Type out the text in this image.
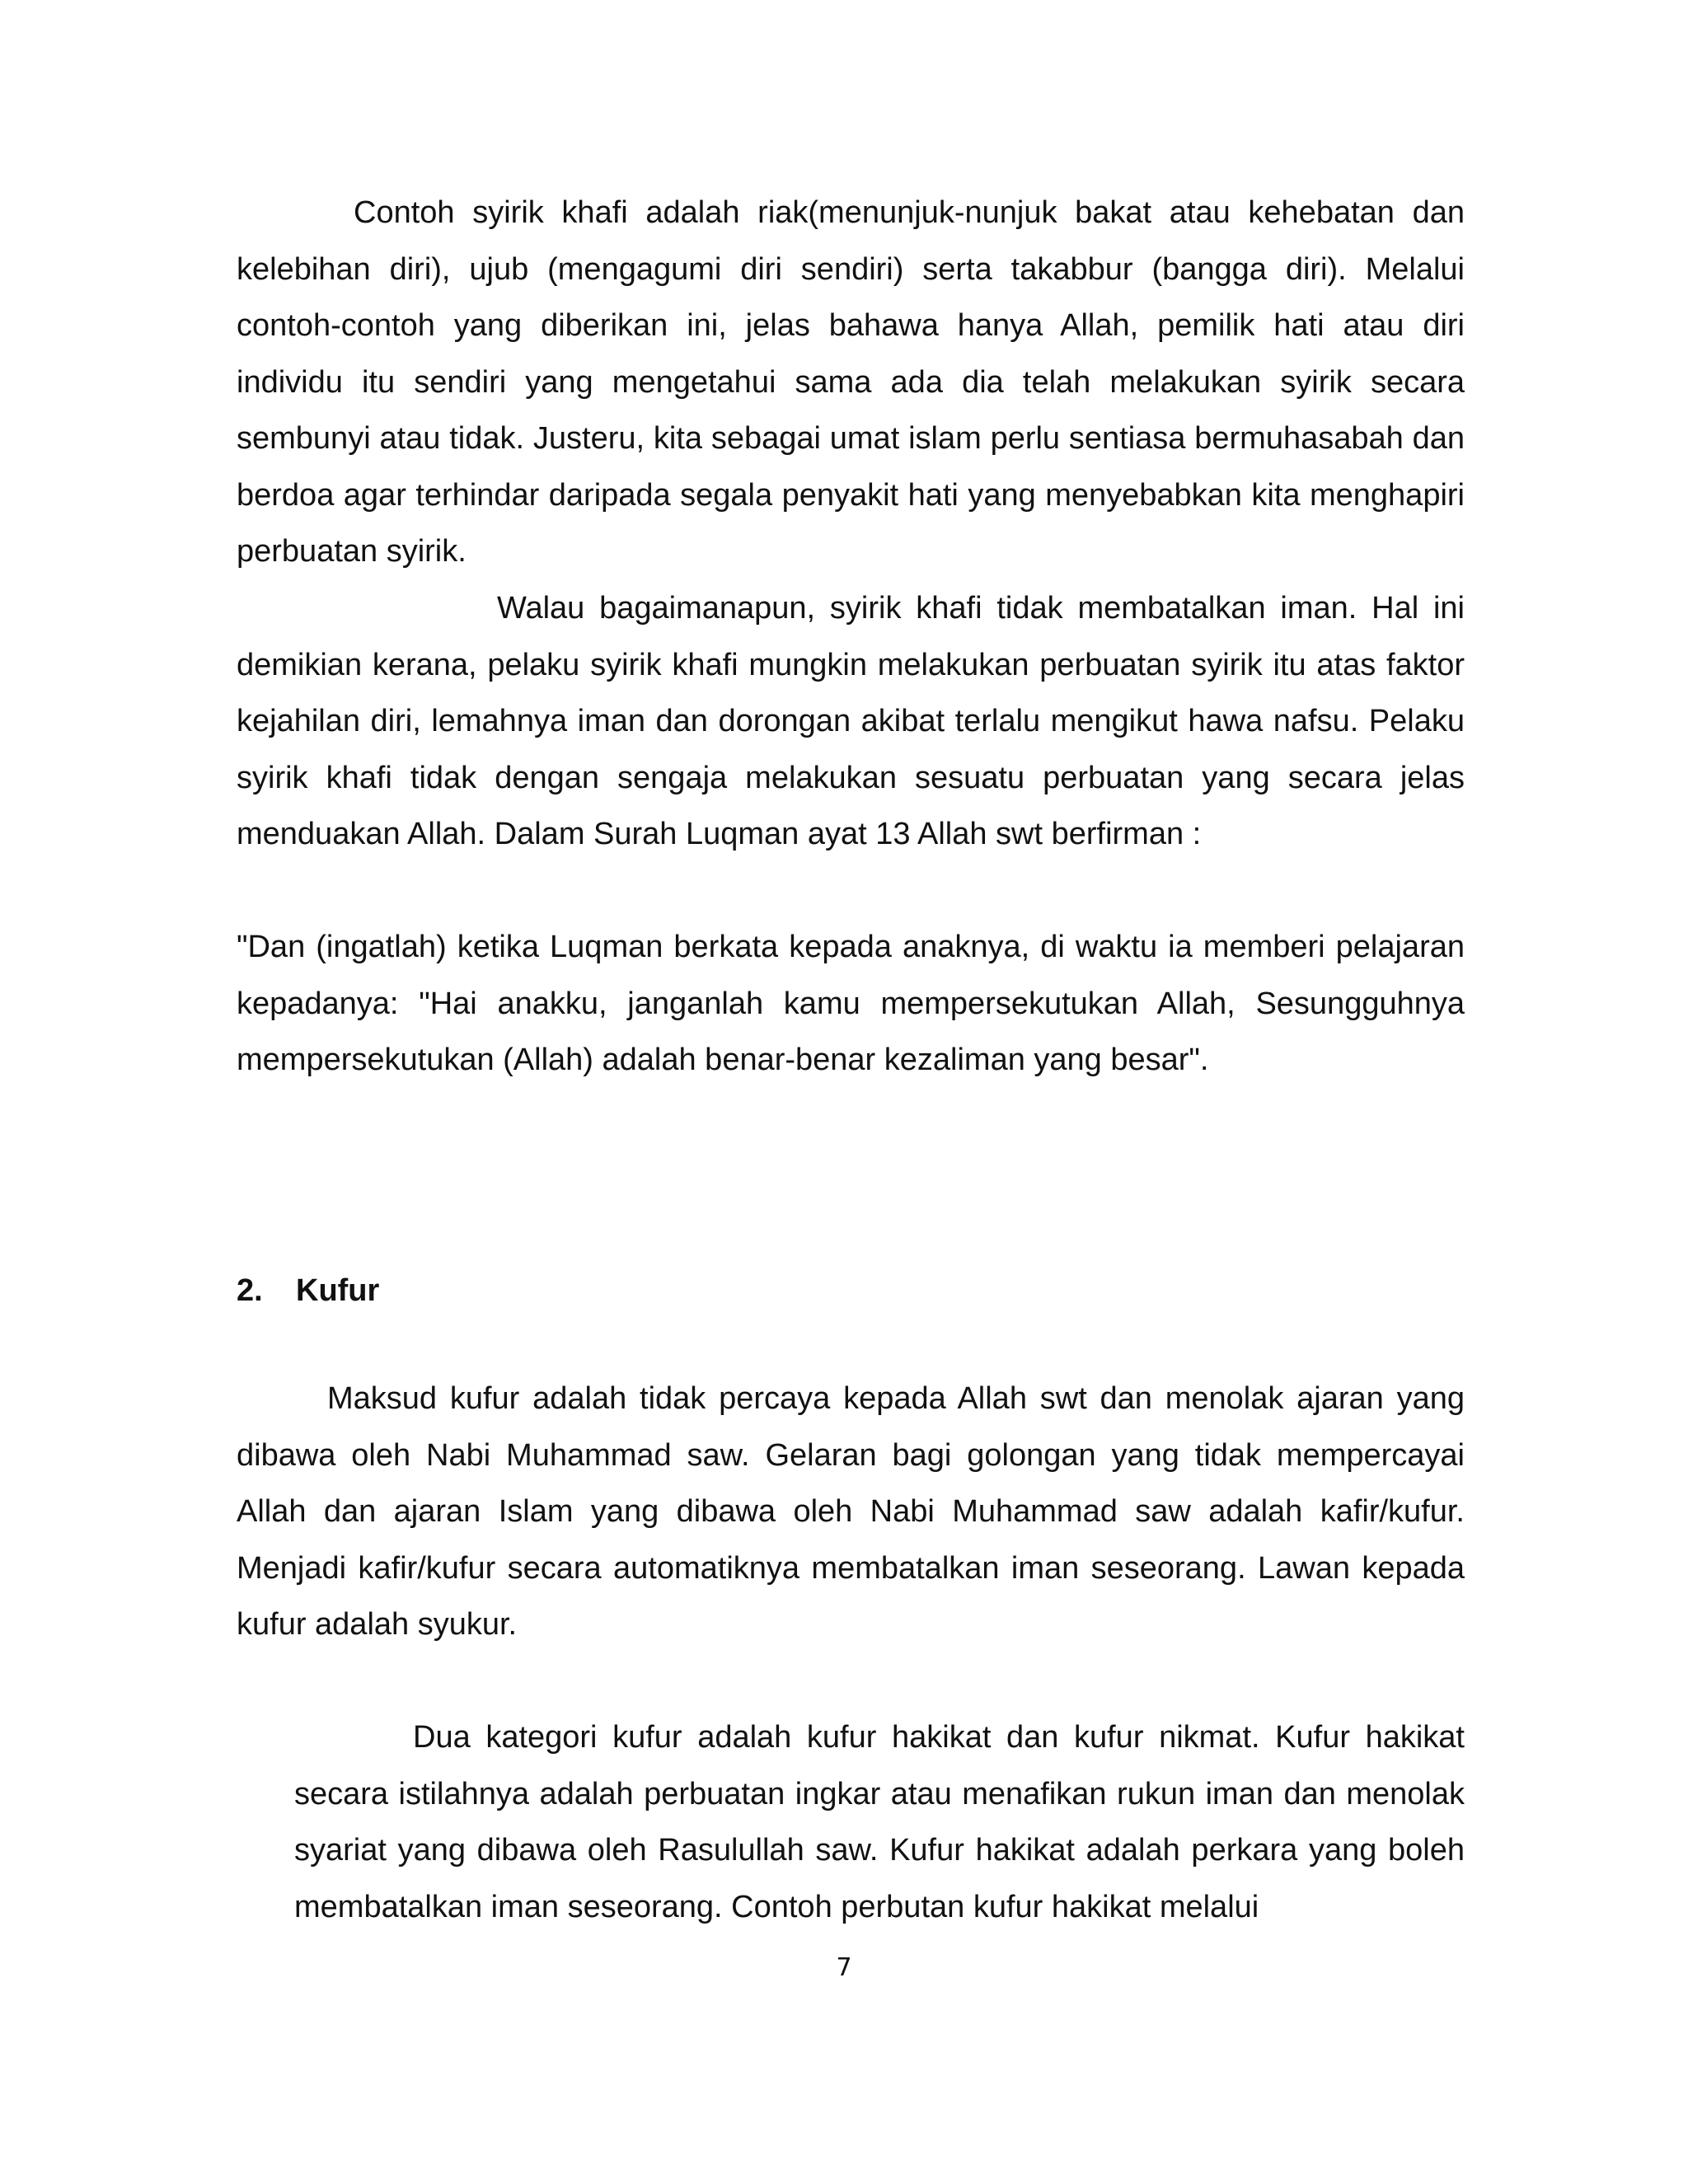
Contoh syirik khafi adalah riak(menunjuk-nunjuk bakat atau kehebatan dan kelebihan diri), ujub (mengagumi diri sendiri) serta takabbur (bangga diri). Melalui contoh-contoh yang diberikan ini, jelas bahawa hanya Allah, pemilik hati atau diri individu itu sendiri yang mengetahui sama ada dia telah melakukan syirik secara sembunyi atau tidak. Justeru, kita sebagai umat islam perlu sentiasa bermuhasabah dan berdoa agar terhindar daripada segala penyakit hati yang menyebabkan kita menghapiri perbuatan syirik.

Walau bagaimanapun, syirik khafi tidak membatalkan iman. Hal ini demikian kerana, pelaku syirik khafi mungkin melakukan perbuatan syirik itu atas faktor kejahilan diri, lemahnya iman dan dorongan akibat terlalu mengikut hawa nafsu. Pelaku syirik khafi tidak dengan sengaja melakukan sesuatu perbuatan yang secara jelas menduakan Allah. Dalam Surah Luqman ayat 13 Allah swt berfirman :

"Dan (ingatlah) ketika Luqman berkata kepada anaknya, di waktu ia memberi pelajaran kepadanya: "Hai anakku, janganlah kamu mempersekutukan Allah, Sesungguhnya mempersekutukan (Allah) adalah benar-benar kezaliman yang besar".

2. Kufur

Maksud kufur adalah tidak percaya kepada Allah swt dan menolak ajaran yang dibawa oleh Nabi Muhammad saw. Gelaran bagi golongan yang tidak mempercayai Allah dan ajaran Islam yang dibawa oleh Nabi Muhammad saw adalah kafir/kufur. Menjadi kafir/kufur secara automatiknya membatalkan iman seseorang. Lawan kepada kufur adalah syukur.

Dua kategori kufur adalah kufur hakikat dan kufur nikmat. Kufur hakikat secara istilahnya adalah perbuatan ingkar atau menafikan rukun iman dan menolak syariat yang dibawa oleh Rasulullah saw. Kufur hakikat adalah perkara yang boleh membatalkan iman seseorang. Contoh perbutan kufur hakikat melalui

7
